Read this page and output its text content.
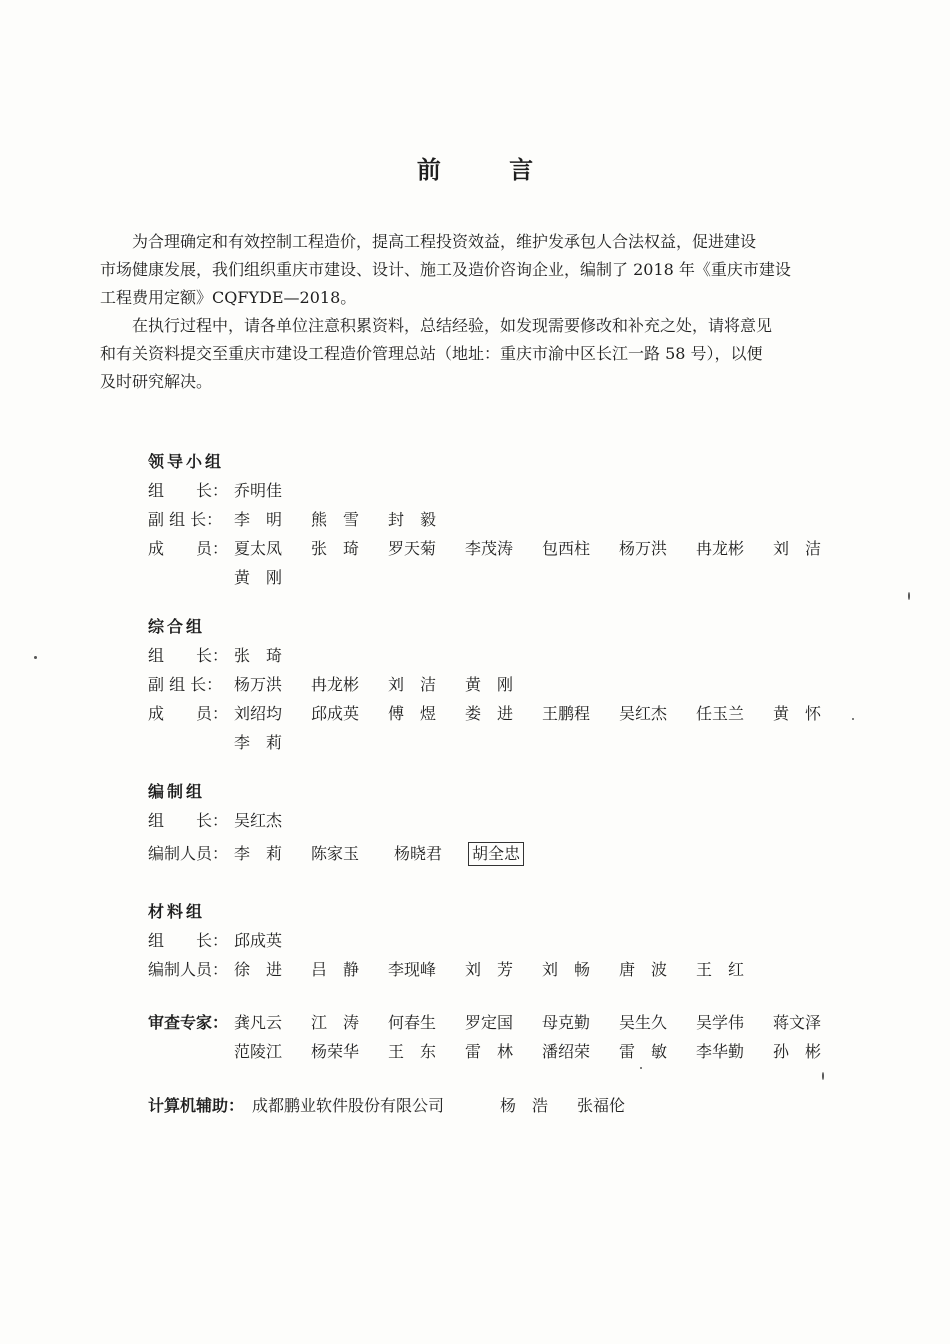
前 言
为合理确定和有效控制工程造价，提高工程投资效益，维护发承包人合法权益，促进建设
市场健康发展，我们组织重庆市建设、设计、施工及造价咨询企业，编制了 2018 年《重庆市建设
工程费用定额》CQFYDE—2018。
在执行过程中，请各单位注意积累资料，总结经验，如发现需要修改和补充之处，请将意见
和有关资料提交至重庆市建设工程造价管理总站（地址：重庆市渝中区长江一路 58 号），以便
及时研究解决。
领导小组
组　　长： 乔明佳
副 组 长： 李　明 熊　雪 封　毅
成　　员： 夏太凤 张　琦 罗天菊 李茂涛 包西柱 杨万洪 冉龙彬 刘　洁
黄　刚
综合组
组　　长： 张　琦
副 组 长： 杨万洪 冉龙彬 刘　洁 黄　刚
成　　员： 刘绍均 邱成英 傅　煜 娄　进 王鹏程 吴红杰 任玉兰 黄　怀
李　莉
编制组
组　　长： 吴红杰
编制人员： 李　莉 陈家玉 杨晓君 胡全忠
材料组
组　　长： 邱成英
编制人员： 徐　进 吕　静 李现峰 刘　芳 刘　畅 唐　波 王　红
审查专家： 龚凡云 江　涛 何春生 罗定国 母克勤 吴生久 吴学伟 蒋文泽
范陵江 杨荣华 王　东 雷　林 潘绍荣 雷　敏 李华勤 孙　彬
计算机辅助： 成都鹏业软件股份有限公司	杨　浩 张福伦
